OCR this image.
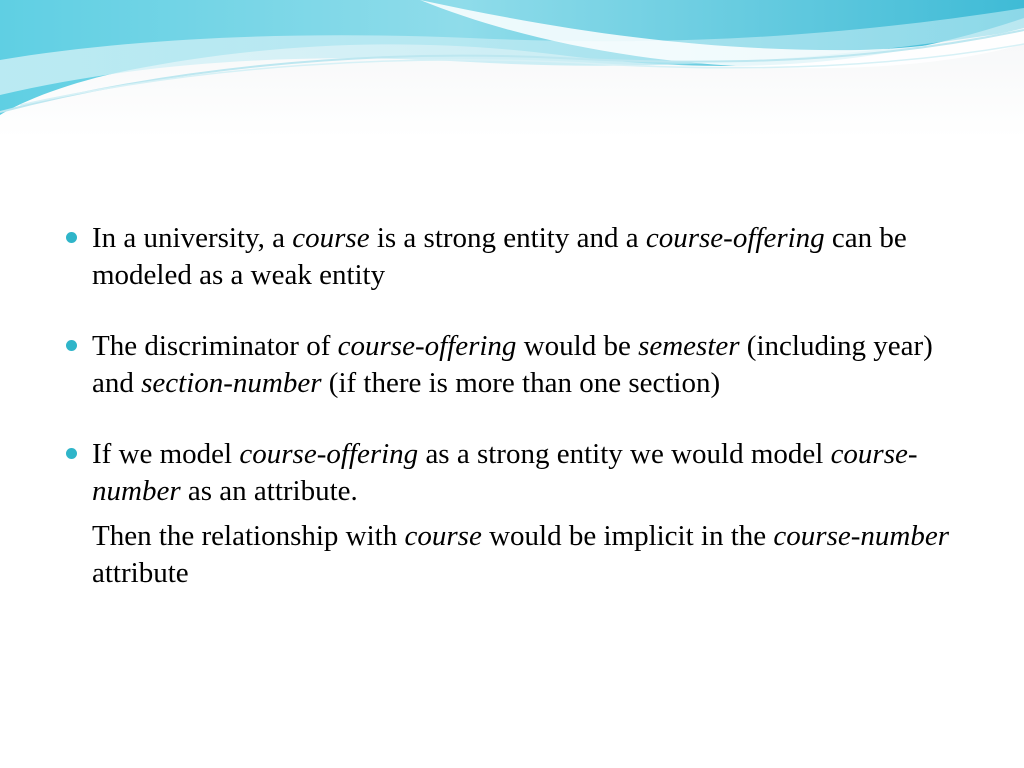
In a university, a course is a strong entity and a course-offering can be modeled as a weak entity
The discriminator of course-offering would be semester (including year) and section-number (if there is more than one section)
If we model course-offering as a strong entity we would model course-number as an attribute.
Then the relationship with course would be implicit in the course-number attribute
